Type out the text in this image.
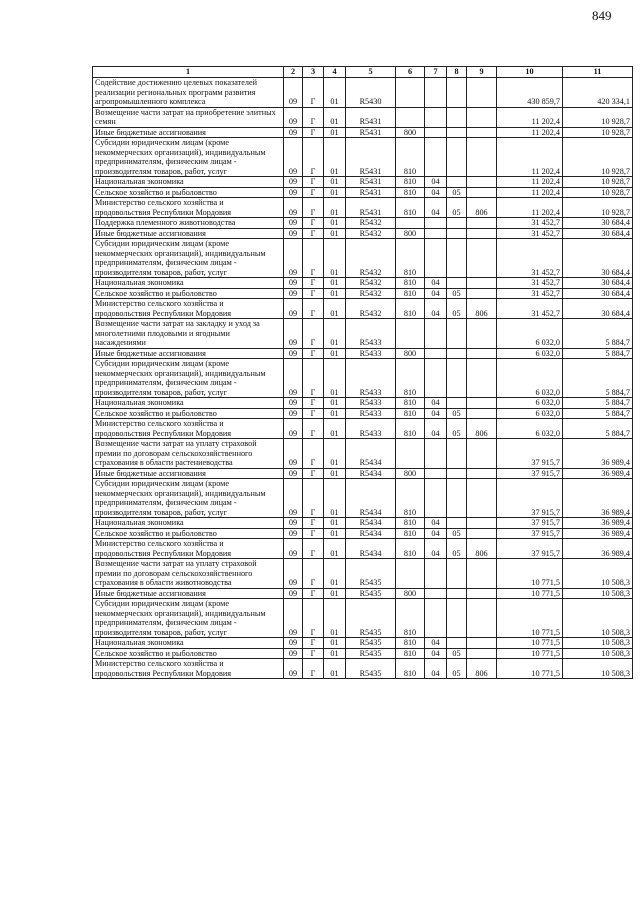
849
1	2	3	4	5	6	7	8	9	10	11
Содействие достижению целевых показателей реализации региональных программ развития агропромышленного комплекса	09	Г	01	R5430					430 859,7	420 334,1
Возмещение части затрат на приобретение элитных семян	09	Г	01	R5431					11 202,4	10 928,7
Иные бюджетные ассигнования	09	Г	01	R5431	800				11 202,4	10 928,7
Субсидии юридическим лицам (кроме некоммерческих организаций), индивидуальным предпринимателям, физическим лицам - производителям товаров, работ, услуг	09	Г	01	R5431	810				11 202,4	10 928,7
Национальная экономика	09	Г	01	R5431	810	04			11 202,4	10 928,7
Сельское хозяйство и рыболовство	09	Г	01	R5431	810	04	05		11 202,4	10 928,7
Министерство сельского хозяйства и продовольствия Республики Мордовия	09	Г	01	R5431	810	04	05	806	11 202,4	10 928,7
Поддержка племенного животноводства	09	Г	01	R5432					31 452,7	30 684,4
Иные бюджетные ассигнования	09	Г	01	R5432	800				31 452,7	30 684,4
Субсидии юридическим лицам (кроме некоммерческих организаций), индивидуальным предпринимателям, физическим лицам - производителям товаров, работ, услуг	09	Г	01	R5432	810				31 452,7	30 684,4
Национальная экономика	09	Г	01	R5432	810	04			31 452,7	30 684,4
Сельское хозяйство и рыболовство	09	Г	01	R5432	810	04	05		31 452,7	30 684,4
Министерство сельского хозяйства и продовольствия Республики Мордовия	09	Г	01	R5432	810	04	05	806	31 452,7	30 684,4
Возмещение части затрат на закладку и уход за многолетними плодовыми и ягодными насаждениями	09	Г	01	R5433					6 032,0	5 884,7
Иные бюджетные ассигнования	09	Г	01	R5433	800				6 032,0	5 884,7
Субсидии юридическим лицам (кроме некоммерческих организаций), индивидуальным предпринимателям, физическим лицам - производителям товаров, работ, услуг	09	Г	01	R5433	810				6 032,0	5 884,7
Национальная экономика	09	Г	01	R5433	810	04			6 032,0	5 884,7
Сельское хозяйство и рыболовство	09	Г	01	R5433	810	04	05		6 032,0	5 884,7
Министерство сельского хозяйства и продовольствия Республики Мордовия	09	Г	01	R5433	810	04	05	806	6 032,0	5 884,7
Возмещение части затрат на уплату страховой премии по договорам сельскохозяйственного страхования в области растениеводства	09	Г	01	R5434					37 915,7	36 989,4
Иные бюджетные ассигнования	09	Г	01	R5434	800				37 915,7	36 989,4
Субсидии юридическим лицам (кроме некоммерческих организаций), индивидуальным предпринимателям, физическим лицам - производителям товаров, работ, услуг	09	Г	01	R5434	810				37 915,7	36 989,4
Национальная экономика	09	Г	01	R5434	810	04			37 915,7	36 989,4
Сельское хозяйство и рыболовство	09	Г	01	R5434	810	04	05		37 915,7	36 989,4
Министерство сельского хозяйства и продовольствия Республики Мордовия	09	Г	01	R5434	810	04	05	806	37 915,7	36 989,4
Возмещение части затрат на уплату страховой премии по договорам сельскохозяйственного страхования в области животноводства	09	Г	01	R5435					10 771,5	10 508,3
Иные бюджетные ассигнования	09	Г	01	R5435	800				10 771,5	10 508,3
Субсидии юридическим лицам (кроме некоммерческих организаций), индивидуальным предпринимателям, физическим лицам - производителям товаров, работ, услуг	09	Г	01	R5435	810				10 771,5	10 508,3
Национальная экономика	09	Г	01	R5435	810	04			10 771,5	10 508,3
Сельское хозяйство и рыболовство	09	Г	01	R5435	810	04	05		10 771,5	10 508,3
Министерство сельского хозяйства и продовольствия Республики Мордовия	09	Г	01	R5435	810	04	05	806	10 771,5	10 508,3
